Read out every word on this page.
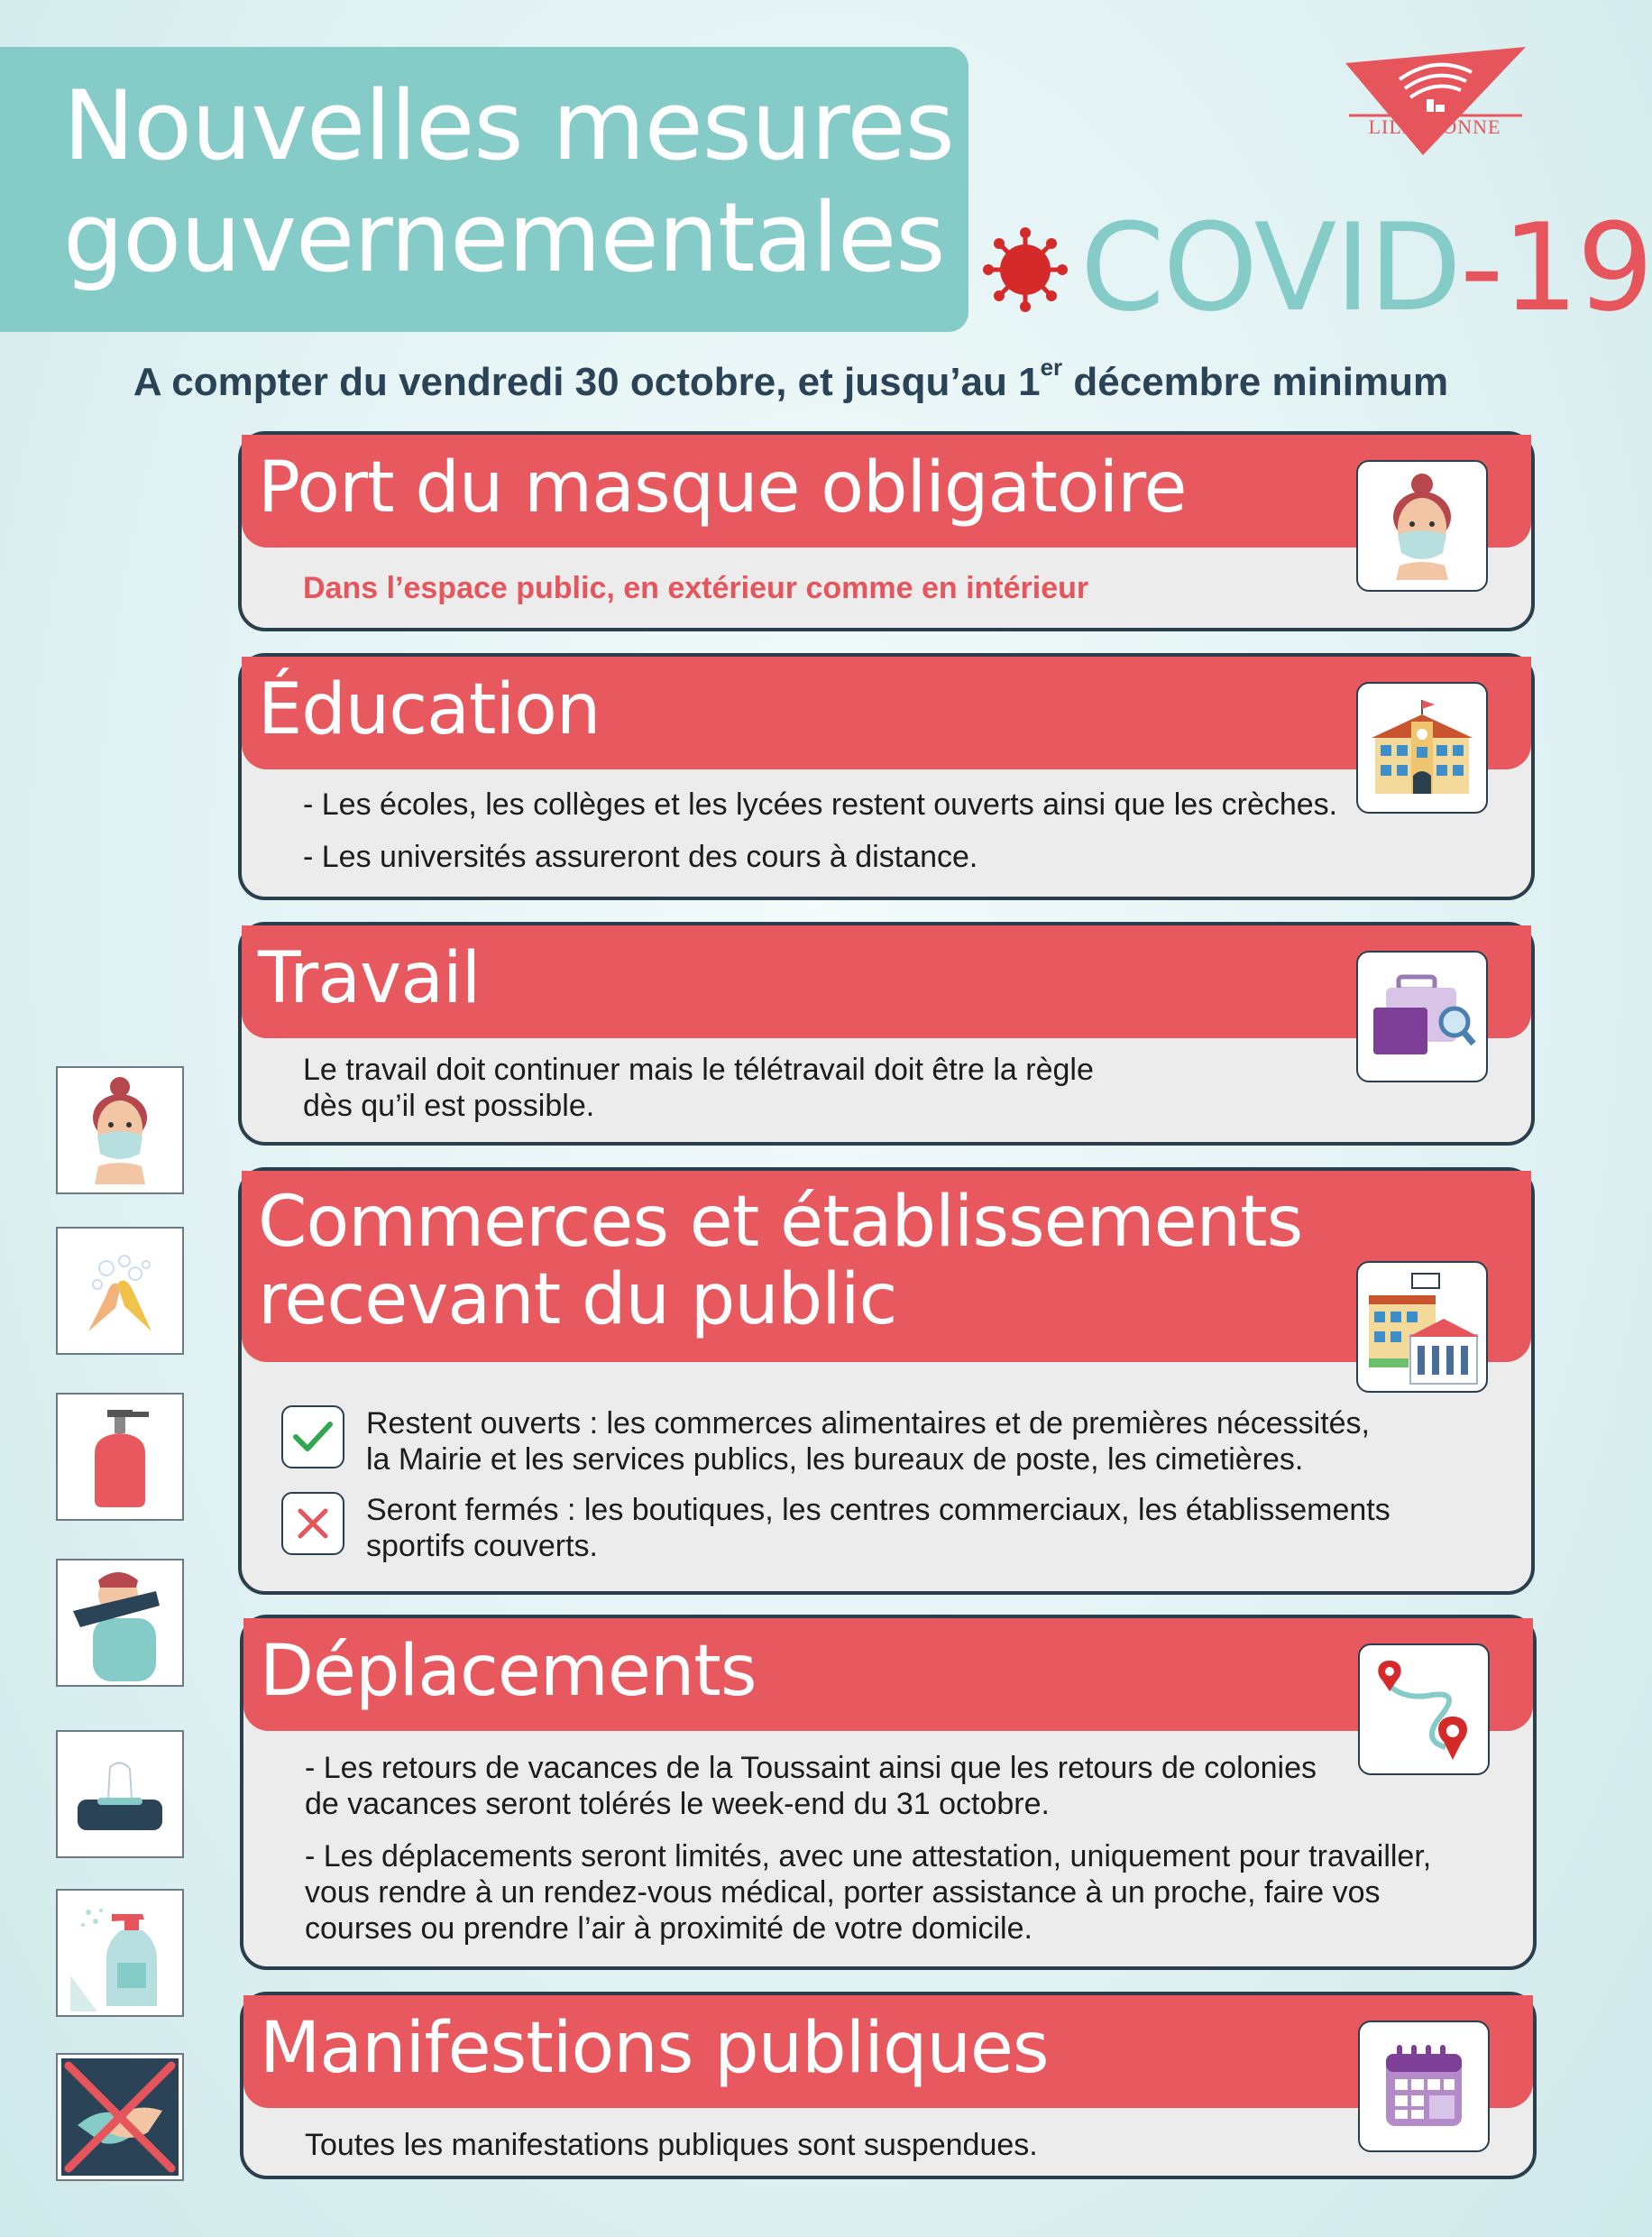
Nouvelles mesures
gouvernementales
LILLEBONNE
COVID-19
A compter du vendredi 30 octobre, et jusqu’au 1er décembre minimum
Port du masque obligatoire
Dans l’espace public, en extérieur comme en intérieur
Éducation

- Les écoles, les collèges et les lycées restent ouverts ainsi que les crèches.

- Les universités assureront des cours à distance.

Travail
Le travail doit continuer mais le télétravail doit être la règle
dès qu’il est possible.
Commerces et établissements
recevant du public
Restent ouverts : les commerces alimentaires et de premières nécessités,
la Mairie et les services publics, les bureaux de poste, les cimetières.
Seront fermés : les boutiques, les centres commerciaux, les établissements
sportifs couverts.
Déplacements

- Les retours de vacances de la Toussaint ainsi que les retours de colonies
de vacances seront tolérés le week-end du 31 octobre.

- Les déplacements seront limités, avec une attestation, uniquement pour travailler,
vous rendre à un rendez-vous médical, porter assistance à un proche, faire vos
courses ou prendre l’air à proximité de votre domicile.

Manifestions publiques
Toutes les manifestations publiques sont suspendues.
